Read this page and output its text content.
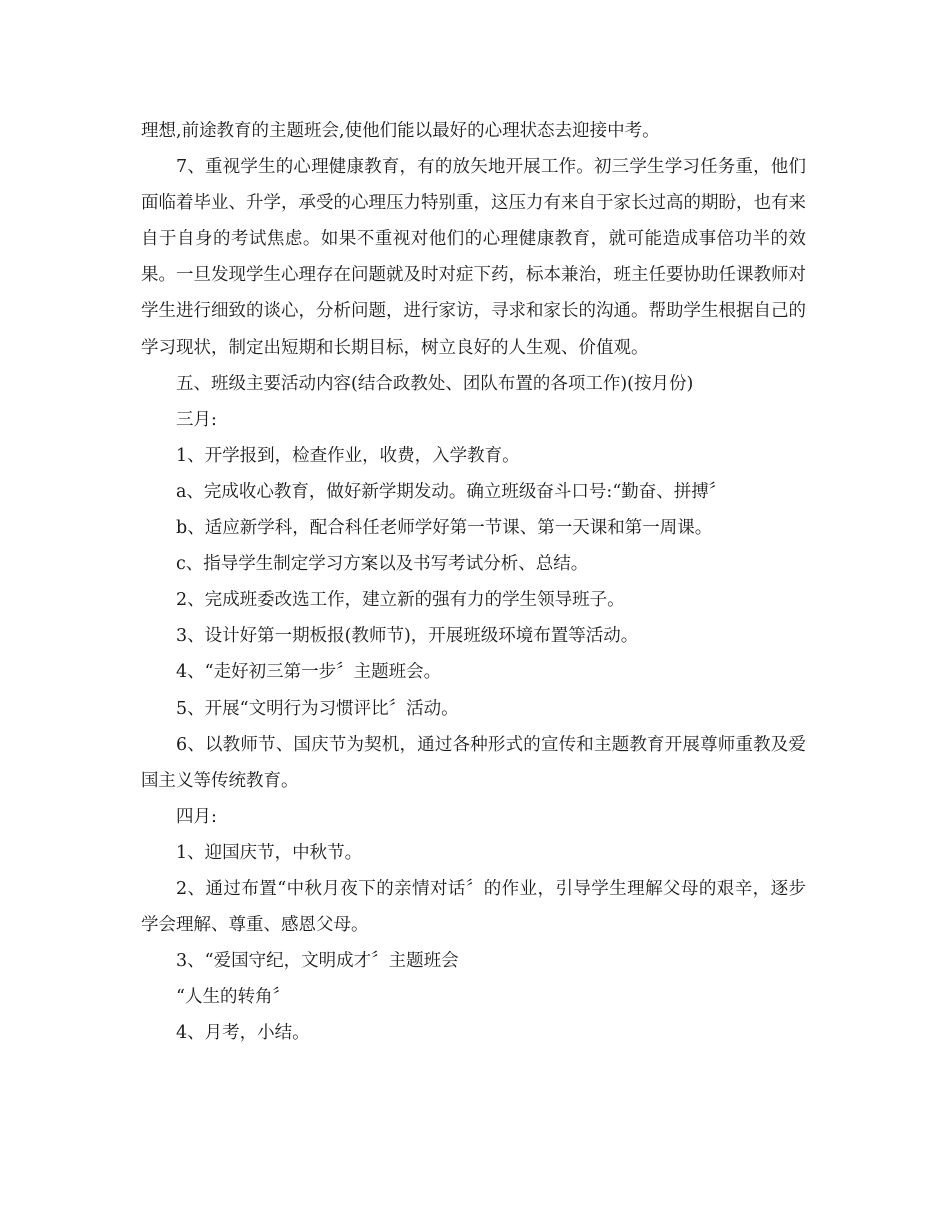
理想,前途教育的主题班会,使他们能以最好的心理状态去迎接中考。

7、重视学生的心理健康教育，有的放矢地开展工作。初三学生学习任务重，他们面临着毕业、升学，承受的心理压力特别重，这压力有来自于家长过高的期盼，也有来自于自身的考试焦虑。如果不重视对他们的心理健康教育，就可能造成事倍功半的效果。一旦发现学生心理存在问题就及时对症下药，标本兼治，班主任要协助任课教师对学生进行细致的谈心，分析问题，进行家访，寻求和家长的沟通。帮助学生根据自己的学习现状，制定出短期和长期目标，树立良好的人生观、价值观。

五、班级主要活动内容(结合政教处、团队布置的各项工作)(按月份)

三月:

1、开学报到，检查作业，收费，入学教育。

a、完成收心教育，做好新学期发动。确立班级奋斗口号:“勤奋、拼搏〞

b、适应新学科，配合科任老师学好第一节课、第一天课和第一周课。

c、指导学生制定学习方案以及书写考试分析、总结。

2、完成班委改选工作，建立新的强有力的学生领导班子。

3、设计好第一期板报(教师节)，开展班级环境布置等活动。

4、“走好初三第一步〞主题班会。

5、开展“文明行为习惯评比〞活动。

6、以教师节、国庆节为契机，通过各种形式的宣传和主题教育开展尊师重教及爱国主义等传统教育。

四月:

1、迎国庆节，中秋节。

2、通过布置“中秋月夜下的亲情对话〞的作业，引导学生理解父母的艰辛，逐步学会理解、尊重、感恩父母。

3、“爱国守纪，文明成才〞主题班会

“人生的转角〞

4、月考，小结。
